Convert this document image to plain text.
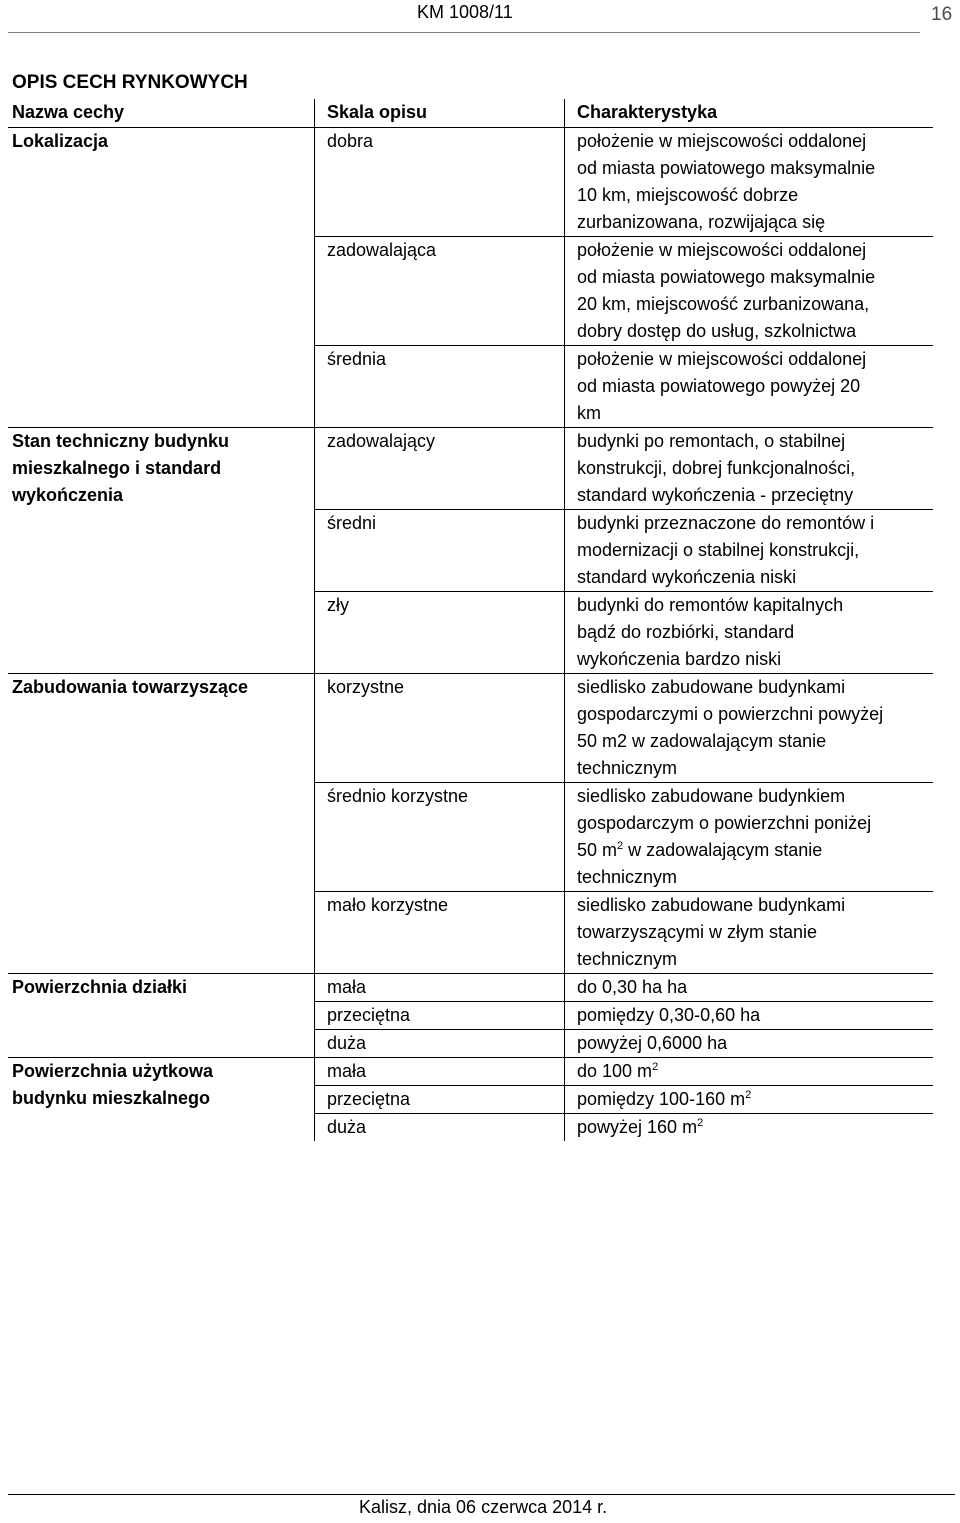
KM 1008/11	16
OPIS CECH RYNKOWYCH
Nazwa cechy	Skala opisu	Charakterystyka
Lokalizacja	dobra	położenie w miejscowości oddalonej
od miasta powiatowego maksymalnie
10 km, miejscowość dobrze
zurbanizowana, rozwijająca się

	zadowalająca	położenie w miejscowości oddalonej
od miasta powiatowego maksymalnie
20 km, miejscowość zurbanizowana,
dobry dostęp do usług, szkolnictwa

	średnia	położenie w miejscowości oddalonej
od miasta powiatowego powyżej 20
km

Stan techniczny budynku
mieszkalnego i standard
wykończenia	zadowalający	budynki po remontach, o stabilnej
konstrukcji, dobrej funkcjonalności,
standard wykończenia - przeciętny

	średni	budynki przeznaczone do remontów i
modernizacji o stabilnej konstrukcji,
standard wykończenia niski

	zły	budynki do remontów kapitalnych
bądź do rozbiórki, standard
wykończenia bardzo niski

Zabudowania towarzyszące	korzystne	siedlisko zabudowane budynkami
gospodarczymi o powierzchni powyżej
50 m2 w zadowalającym stanie
technicznym

	średnio korzystne	siedlisko zabudowane budynkiem
gospodarczym o powierzchni poniżej
50 $m^2$ w zadowalającym stanie
technicznym

	mało korzystne	siedlisko zabudowane budynkami
towarzyszącymi w złym stanie
technicznym

Powierzchnia działki	mała	do 0,30 ha ha
	przeciętna	pomiędzy 0,30-0,60 ha
	duża	powyżej 0,6000 ha

Powierzchnia użytkowa
budynku mieszkalnego	mała	do 100 $m^2$
	przeciętna	pomiędzy 100-160 $m^2$
	duża	powyżej 160 $m^2$
Kalisz, dnia 06 czerwca 2014 r.
